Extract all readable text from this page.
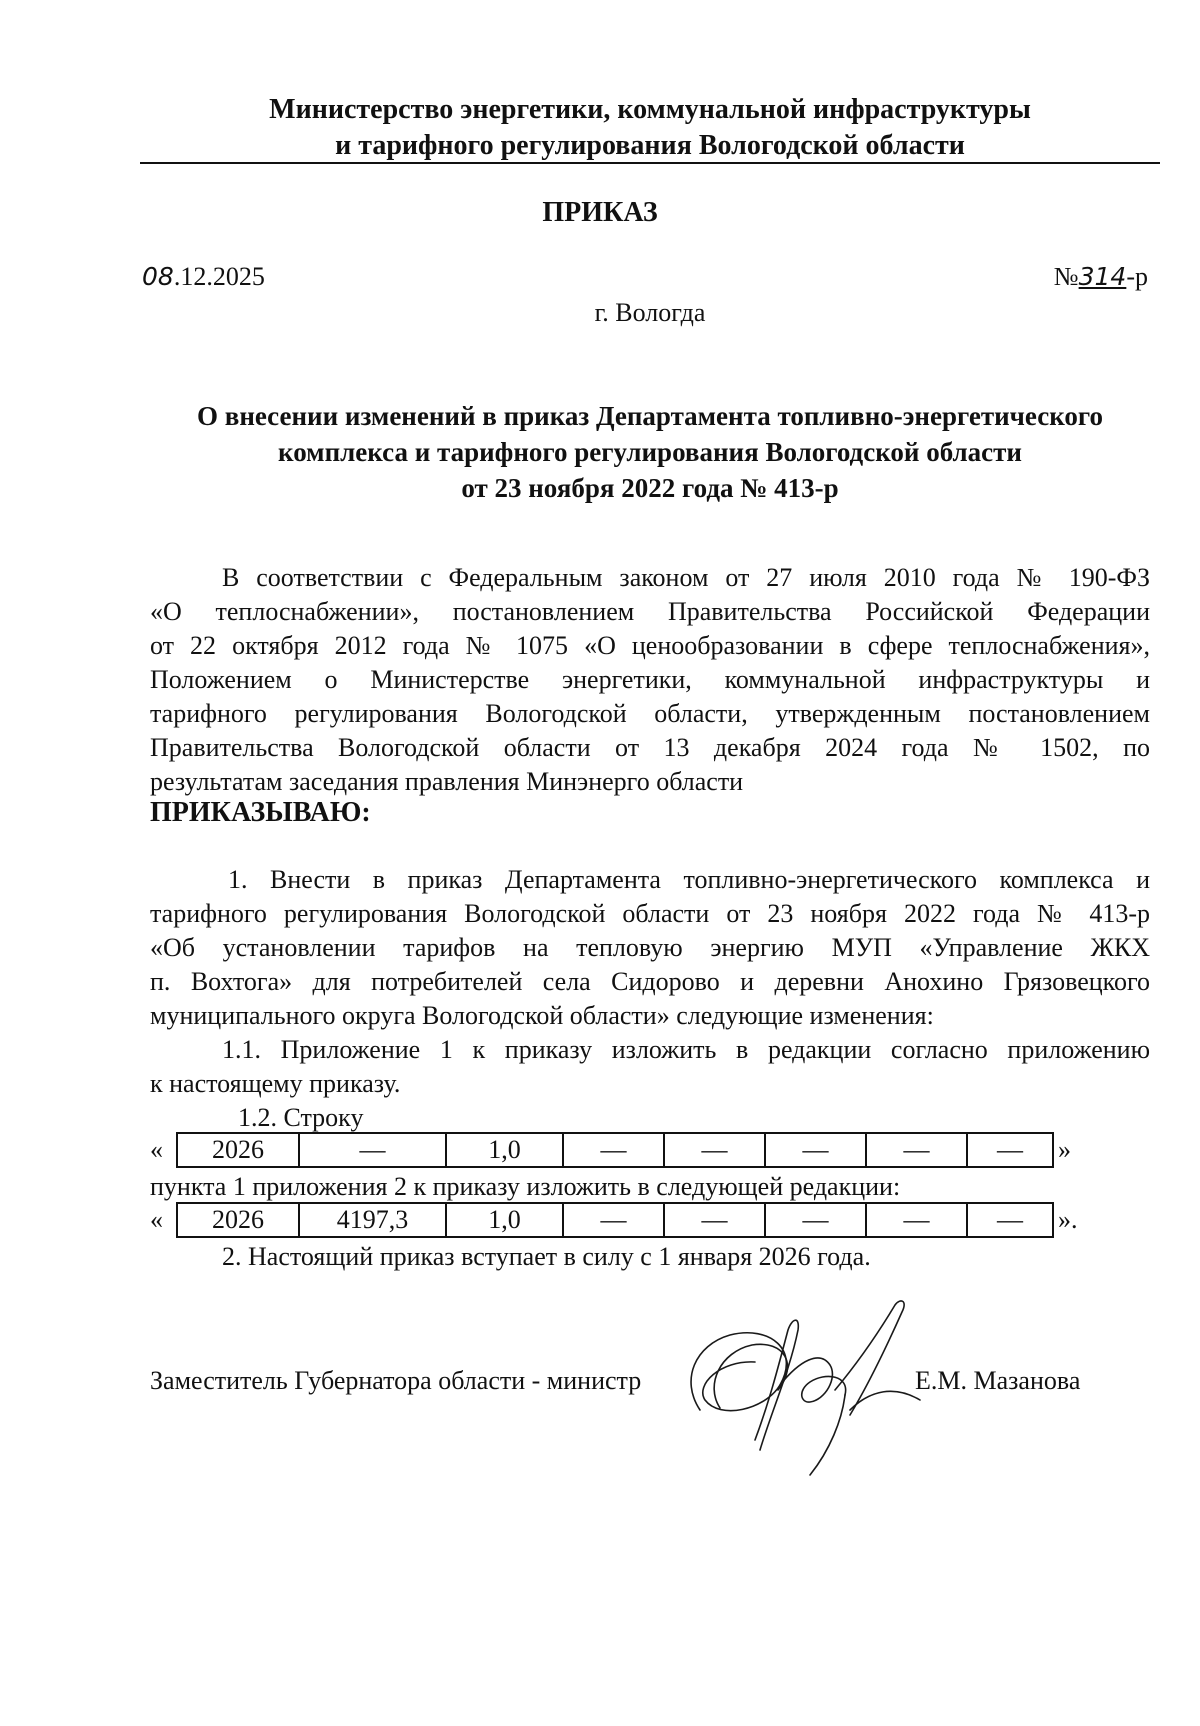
Министерство энергетики, коммунальной инфраструктуры
и тарифного регулирования Вологодской области
ПРИКАЗ
08.12.2025	№314-р
г. Вологда
О внесении изменений в приказ Департамента топливно-энергетического
комплекса и тарифного регулирования Вологодской области
от 23 ноября 2022 года № 413-р
В соответствии с Федеральным законом от 27 июля 2010 года № 190-ФЗ
«О теплоснабжении», постановлением Правительства Российской Федерации
от 22 октября 2012 года № 1075 «О ценообразовании в сфере теплоснабжения»,
Положением о Министерстве энергетики, коммунальной инфраструктуры и
тарифного регулирования Вологодской области, утвержденным постановлением
Правительства Вологодской области от 13 декабря 2024 года № 1502, по
результатам заседания правления Минэнерго области
ПРИКАЗЫВАЮ:
1. Внести в приказ Департамента топливно-энергетического комплекса и
тарифного регулирования Вологодской области от 23 ноября 2022 года № 413-р
«Об установлении тарифов на тепловую энергию МУП «Управление ЖКХ
п. Вохтога» для потребителей села Сидорово и деревни Анохино Грязовецкого
муниципального округа Вологодской области» следующие изменения:
1.1. Приложение 1 к приказу изложить в редакции согласно приложению
к настоящему приказу.
1.2. Строку
« 2026	—	1,0	—	—	—	—	— »
пункта 1 приложения 2 к приказу изложить в следующей редакции:
« 2026	4197,3	1,0	—	—	—	—	— ».
2. Настоящий приказ вступает в силу с 1 января 2026 года.
Заместитель Губернатора области - министр	Е.М. Мазанова
